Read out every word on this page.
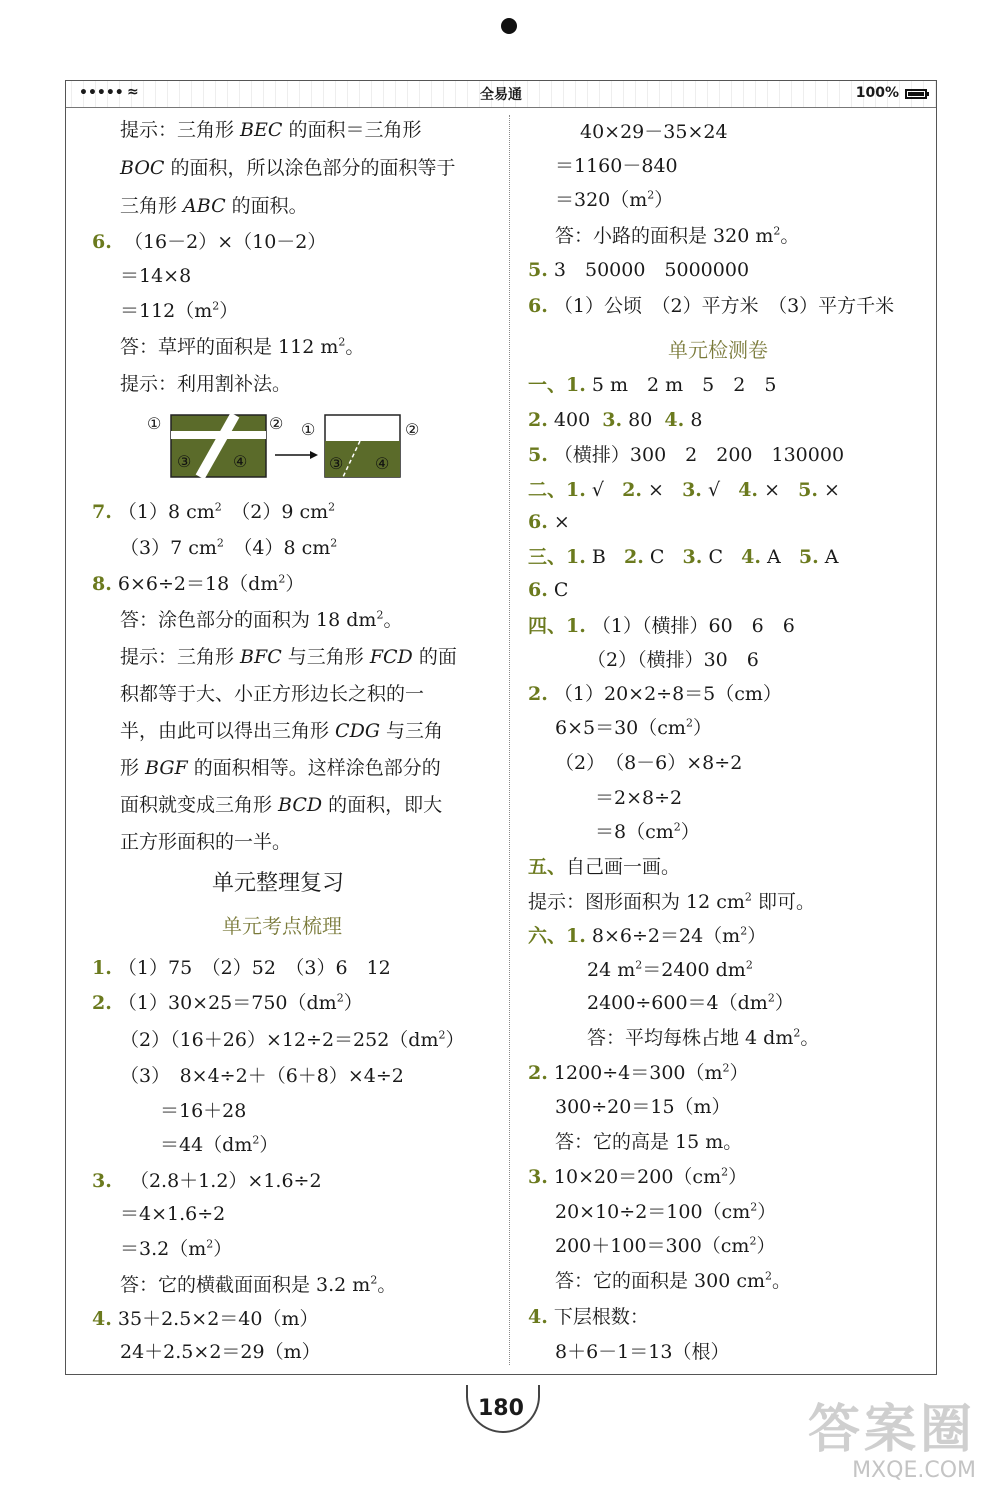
••••• ≈	全易通	100%
提示：三角形 BEC 的面积＝三角形
BOC 的面积，所以涂色部分的面积等于
三角形 ABC 的面积。
6. （16－2）×（10－2）
＝14×8
$=112(m^2)$
答：草坪的面积是 112 $m^2$。
提示：利用割补法。
①	②
③	④
①	②
③ ④
7. （1）8 $cm^2$　（2）9 $cm^2$
（3）7 $cm^2$　（4）8 $cm^2$
8. $6\times 6\div 2=18(dm^2)$
答：涂色部分的面积为 18 $dm^2$。
提示：三角形 BFC 与三角形 FCD 的面
积都等于大、小正方形边长之积的一
半，由此可以得出三角形 CDG 与三角
形 BGF 的面积相等。这样涂色部分的
面积就变成三角形 BCD 的面积，即大
正方形面积的一半。
单元整理复习
单元考点梳理
1. （1）75　（2）52　（3）6　12
2. $(1)30\times 25=750(dm^2)$
$(2)(16+26)\times 12\div 2=252(dm^2)$
（3）　8×4÷2＋（6＋8）×4÷2
＝16＋28
$=44(dm^2)$
3. （2.8＋1.2）×1.6÷2
＝4×1.6÷2
$=3.2(m^2)$
答：它的横截面面积是 3.2 $m^2$。
4. 35＋2.5×2＝40（m）
24＋2.5×2＝29（m）
40×29－35×24
＝1160－840
$=320(m^2)$
答：小路的面积是 320 $m^2$。
5. 3　50000　5000000
6. （1）公顷　（2）平方米　（3）平方千米
单元检测卷
一、1. 5 m　2 m　5　2　5
2. 400 3. 80 4. 8
5. （横排）300　2　200　130000
二、1. √ 2. × 3. √ 4. × 5. ×
6. ×
三、1. B 2. C 3. C 4. A 5. A
6. C
四、1. （1）（横排）60　6　6
（2）（横排）30　6
2. （1）20×2÷8＝5（cm）
$6\times 5=30(cm^2)$
（2）　（8－6）×8÷2
＝2×8÷2
$=8(cm^2)$
五、自己画一画。
提示：图形面积为 12 $cm^2$ 即可。
六、1. $8\times 6\div 2=24(m^2)$
24 $m^2=2400$ $dm^2$
$2400\div 600=4(dm^2)$
答：平均每株占地 4 $dm^2$。
2. $1200\div 4=300(m^2)$
300÷20＝15（m）
答：它的高是 15 m。
3. $10\times 20=200(cm^2)$
$20\times 10\div 2=100(cm^2)$
$200+100=300(cm^2)$
答：它的面积是 300 $cm^2$。
4. 下层根数：
8＋6－1＝13（根）
180	答案圈
MXQE.COM
